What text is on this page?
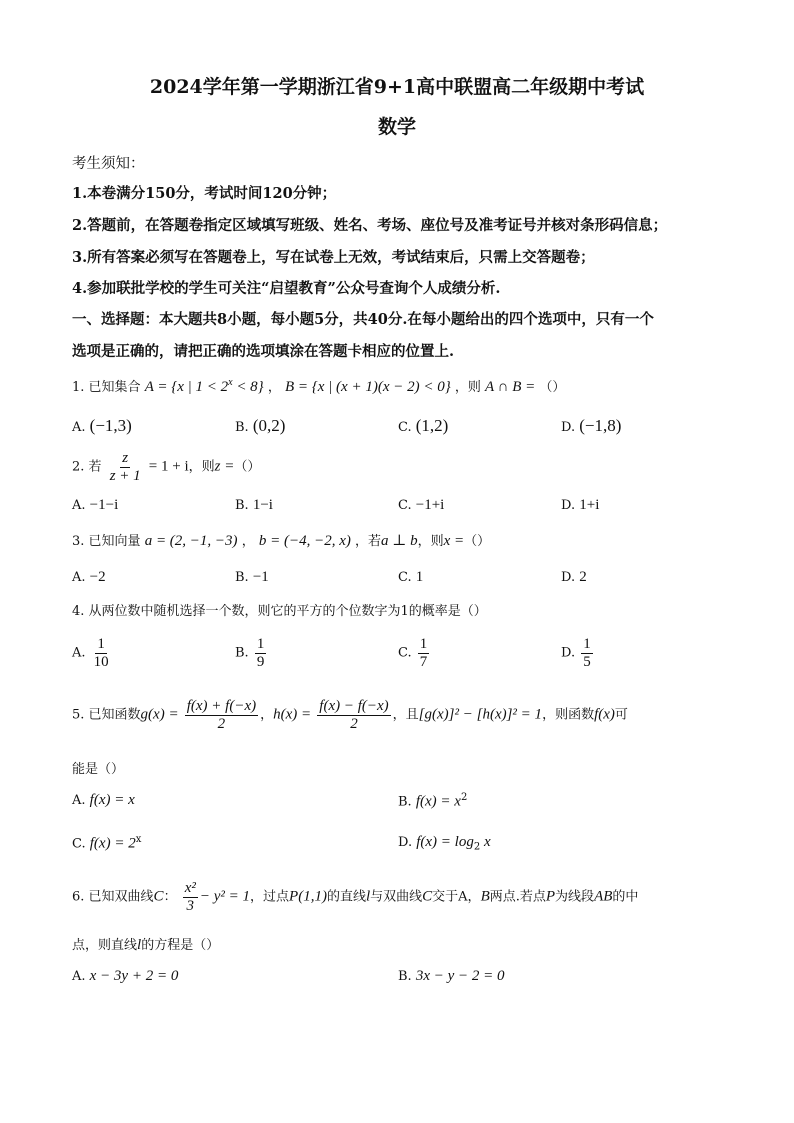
2024学年第一学期浙江省9+1高中联盟高二年级期中考试
数学
考生须知：
1.本卷满分150分，考试时间120分钟；
2.答题前，在答题卷指定区域填写班级、姓名、考场、座位号及准考证号并核对条形码信息；
3.所有答案必须写在答题卷上，写在试卷上无效，考试结束后，只需上交答题卷；
4.参加联批学校的学生可关注“启望教育”公众号查询个人成绩分析.
一、选择题：本大题共8小题，每小题5分，共40分.在每小题给出的四个选项中，只有一个
选项是正确的，请把正确的选项填涂在答题卡相应的位置上.
1. 已知集合 A = {x | $1 < 2^x < 8$} ， B = {x | (x + 1)(x − 2) < 0} ，则 A ∩ B = （）
A. (−1,3)	B. (0,2)	C. (1,2)	D. (−1,8)
2. 若 $\frac{z}{z + 1} = 1 + i$，则z =（）
A. −1−i	B. 1−i	C. −1+i	D. 1+i
3. 已知向量 a = (2, −1, −3) ， b = (−4, −2, x) ，若a ⊥ b，则x =（）
A. −2	B. −1	C. 1	D. 2
4. 从两位数中随机选择一个数，则它的平方的个位数字为1的概率是（）
A. $\frac{1}{10}$	B. $\frac{1}{9}$	C. $\frac{1}{7}$	D. $\frac{1}{5}$
5. 已知函数$g(x) = \frac{f(x) + f(-x)}{2}$ ，$h(x) = \frac{f(x) - f(-x)}{2}$ ，且[g(x)]² − [h(x)]² = 1，则函数f(x)可
能是（）
A. f(x) = x	B. $f(x) = x^2$
C. $f(x) = 2^x$	D. $f(x) = \log_2 x$
6. 已知双曲线C： $\frac{\text{x²}}{3} - y^2 = 1$，过点P(1,1)的直线l与双曲线C交于A，B两点.若点P为线段AB的中
点，则直线l的方程是（）
A. x − 3y + 2 = 0	B. 3x − y − 2 = 0
